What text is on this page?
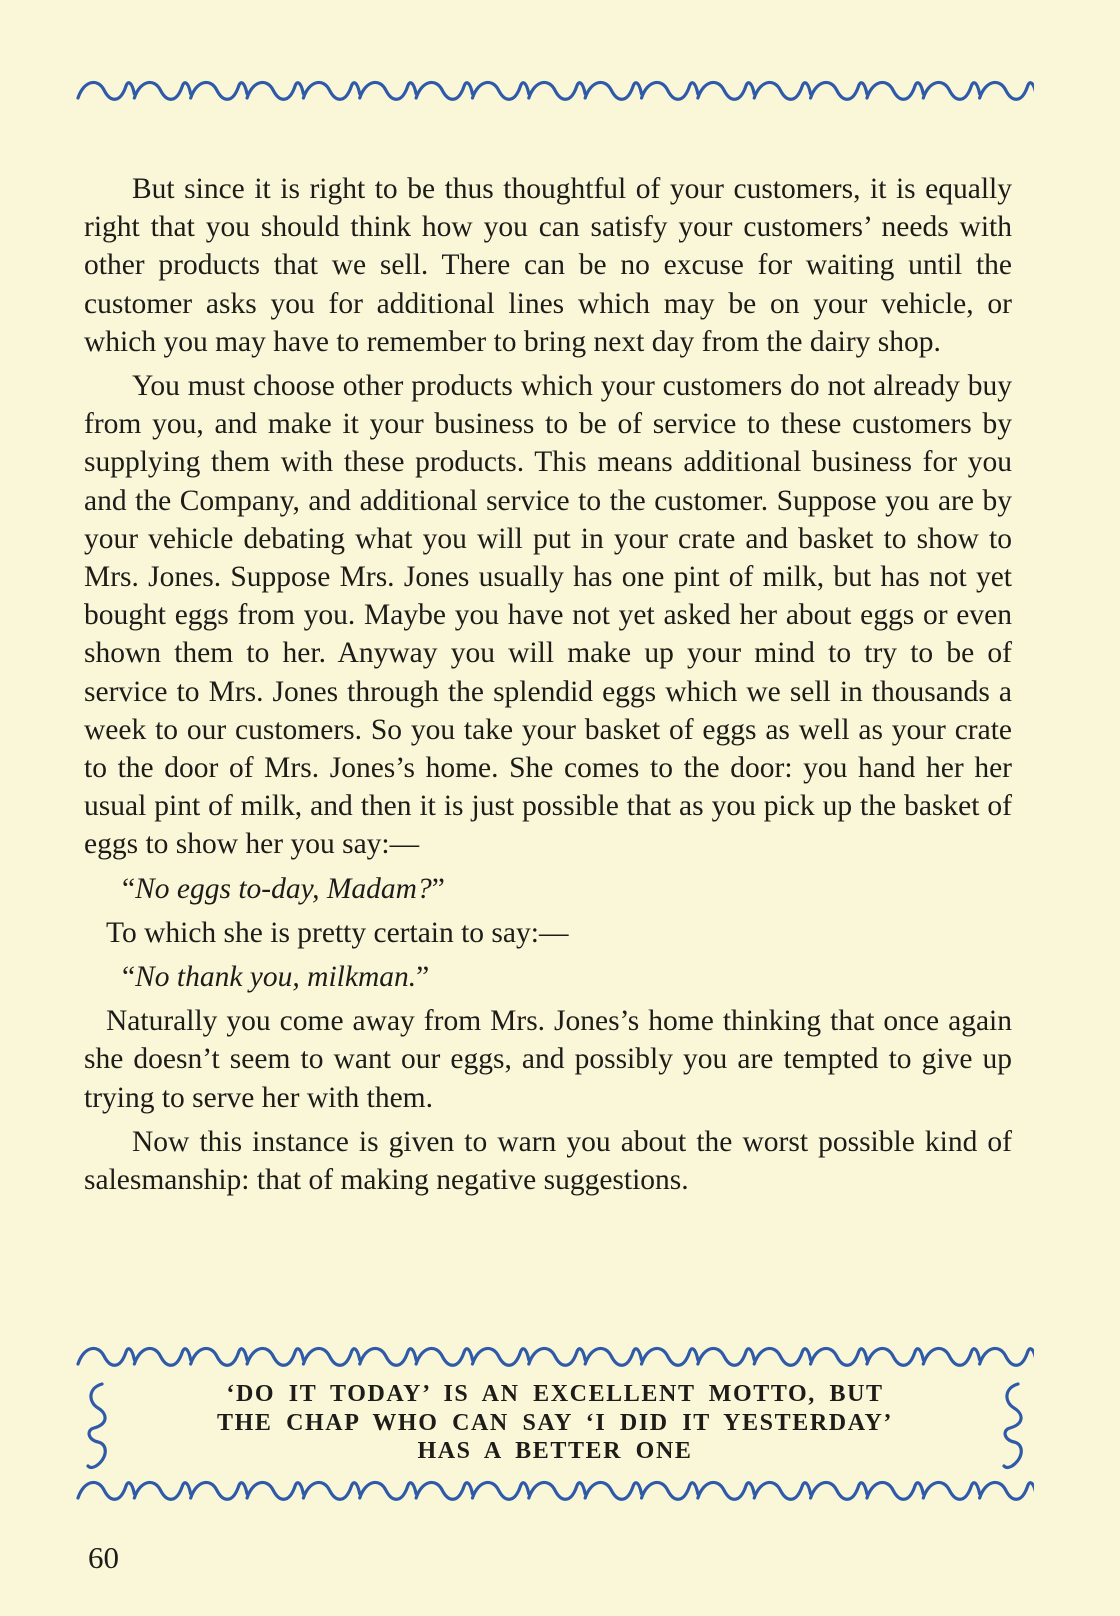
But since it is right to be thus thoughtful of your customers, it is equally right that you should think how you can satisfy your customers’ needs with other products that we sell. There can be no excuse for waiting until the customer asks you for additional lines which may be on your vehicle, or which you may have to remember to bring next day from the dairy shop.

You must choose other products which your customers do not already buy from you, and make it your business to be of service to these customers by supplying them with these products. This means additional business for you and the Company, and additional service to the customer. Suppose you are by your vehicle debating what you will put in your crate and basket to show to Mrs. Jones. Suppose Mrs. Jones usually has one pint of milk, but has not yet bought eggs from you. Maybe you have not yet asked her about eggs or even shown them to her. Anyway you will make up your mind to try to be of service to Mrs. Jones through the splendid eggs which we sell in thousands a week to our customers. So you take your basket of eggs as well as your crate to the door of Mrs. Jones’s home. She comes to the door: you hand her her usual pint of milk, and then it is just possible that as you pick up the basket of eggs to show her you say:—

“No eggs to-day, Madam?”

To which she is pretty certain to say:—

“No thank you, milkman.”

Naturally you come away from Mrs. Jones’s home thinking that once again she doesn’t seem to want our eggs, and possibly you are tempted to give up trying to serve her with them.

Now this instance is given to warn you about the worst possible kind of salesmanship: that of making negative suggestions.

‘DO IT TODAY’ IS AN EXCELLENT MOTTO, BUT
THE CHAP WHO CAN SAY ‘I DID IT YESTERDAY’
HAS A BETTER ONE
60
